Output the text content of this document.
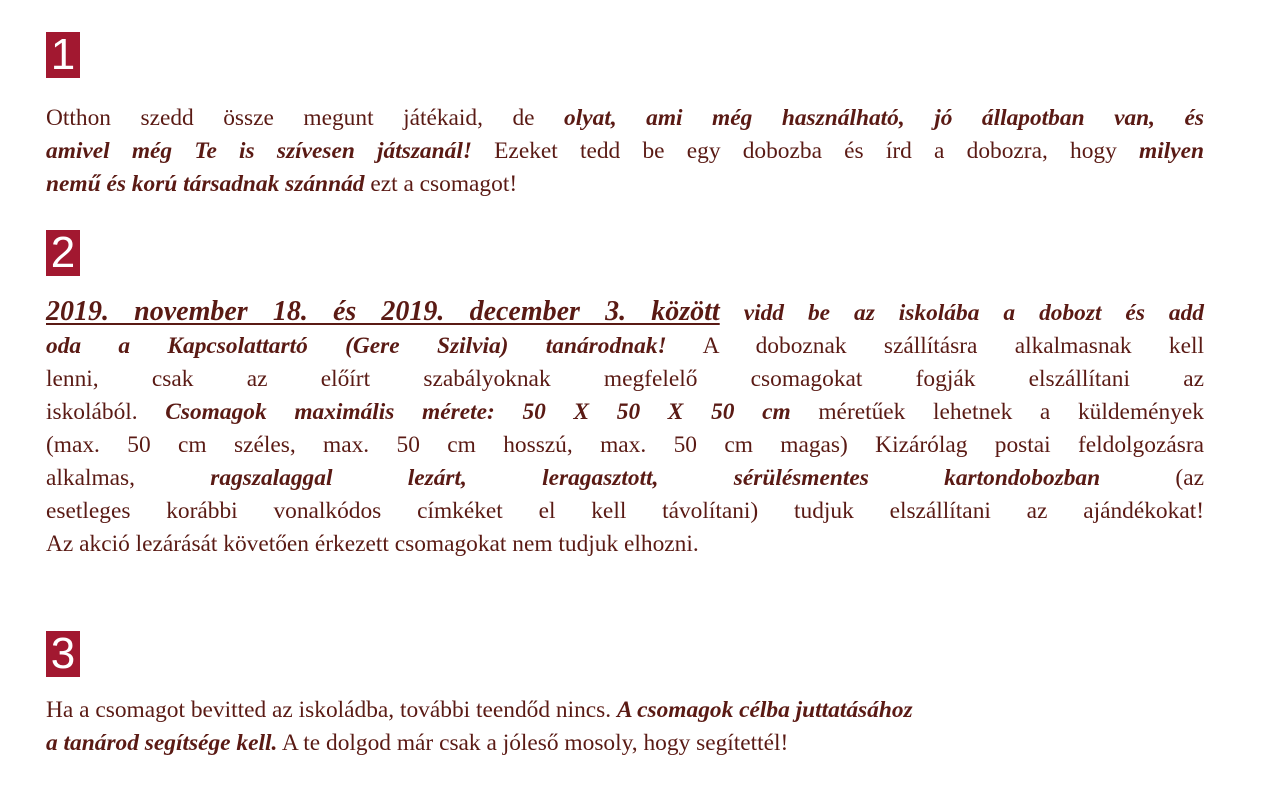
1
Otthon szedd össze megunt játékaid, de olyat, ami még használható, jó állapotban van, és
amivel még Te is szívesen játszanál! Ezeket tedd be egy dobozba és írd a dobozra, hogy milyen
nemű és korú társadnak szánnád ezt a csomagot!
2
2019. november 18. és 2019. december 3. között vidd be az iskolába a dobozt és add
oda a Kapcsolattartó (Gere Szilvia) tanárodnak! A doboznak szállításra alkalmasnak kell
lenni, csak az előírt szabályoknak megfelelő csomagokat fogják elszállítani az
iskolából. Csomagok maximális mérete: 50 X 50 X 50 cm méretűek lehetnek a küldemények
(max. 50 cm széles, max. 50 cm hosszú, max. 50 cm magas) Kizárólag postai feldolgozásra
alkalmas, ragszalaggal lezárt, leragasztott, sérülésmentes kartondobozban (az
esetleges korábbi vonalkódos címkéket el kell távolítani) tudjuk elszállítani az ajándékokat!
Az akció lezárását követően érkezett csomagokat nem tudjuk elhozni.
3
Ha a csomagot bevitted az iskoládba, további teendőd nincs. A csomagok célba juttatásához
a tanárod segítsége kell. A te dolgod már csak a jóleső mosoly, hogy segítettél!
